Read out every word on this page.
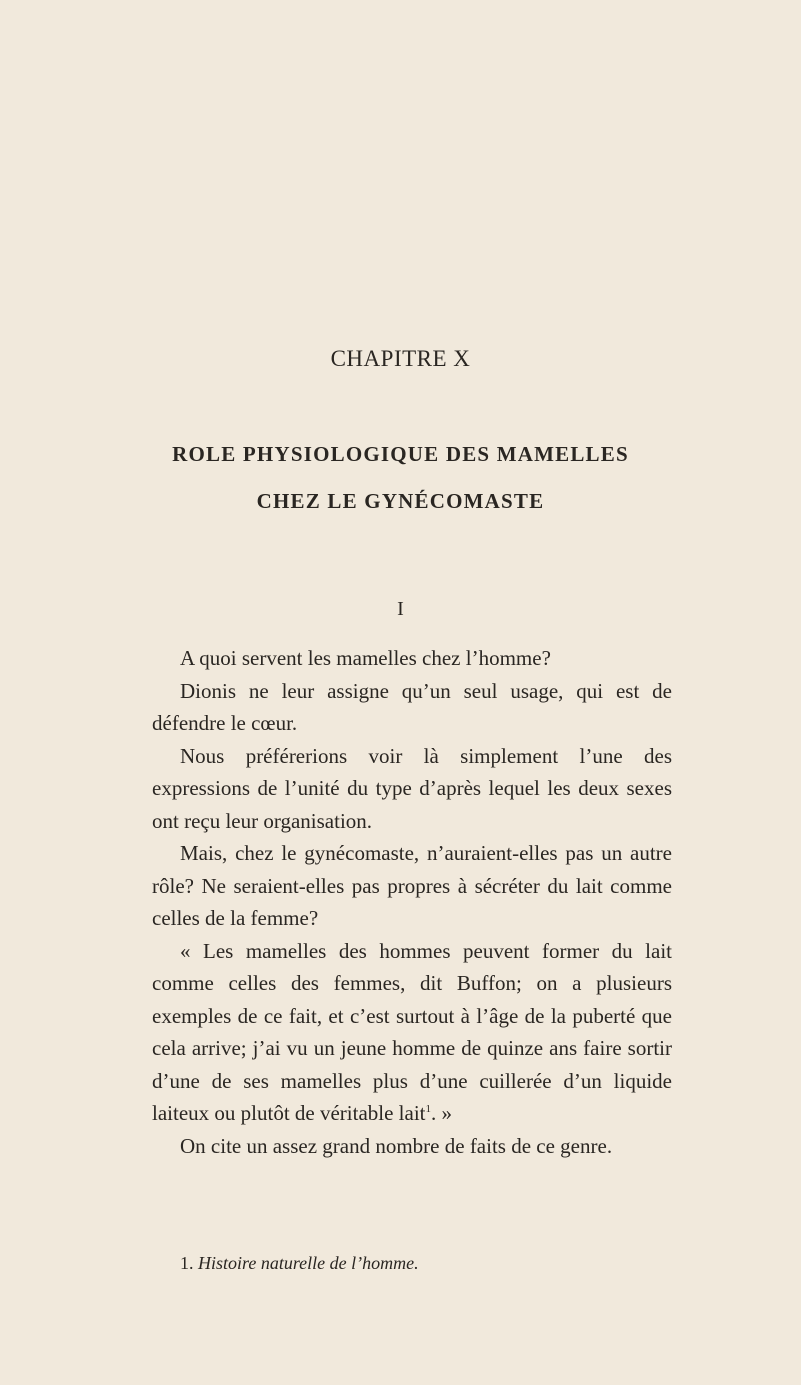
CHAPITRE X
ROLE PHYSIOLOGIQUE DES MAMELLES
CHEZ LE GYNÉCOMASTE
I

A quoi servent les mamelles chez l’homme?

Dionis ne leur assigne qu’un seul usage, qui est de défendre le cœur.

Nous préférerions voir là simplement l’une des expressions de l’unité du type d’après lequel les deux sexes ont reçu leur organisation.

Mais, chez le gynécomaste, n’auraient-elles pas un autre rôle? Ne seraient-elles pas propres à sécréter du lait comme celles de la femme?

« Les mamelles des hommes peuvent former du lait comme celles des femmes, dit Buffon; on a plusieurs exemples de ce fait, et c’est surtout à l’âge de la puberté que cela arrive; j’ai vu un jeune homme de quinze ans faire sortir d’une de ses mamelles plus d’une cuillerée d’un liquide laiteux ou plutôt de véritable lait$^1$. »

On cite un assez grand nombre de faits de ce genre.

1. Histoire naturelle de l’homme.
